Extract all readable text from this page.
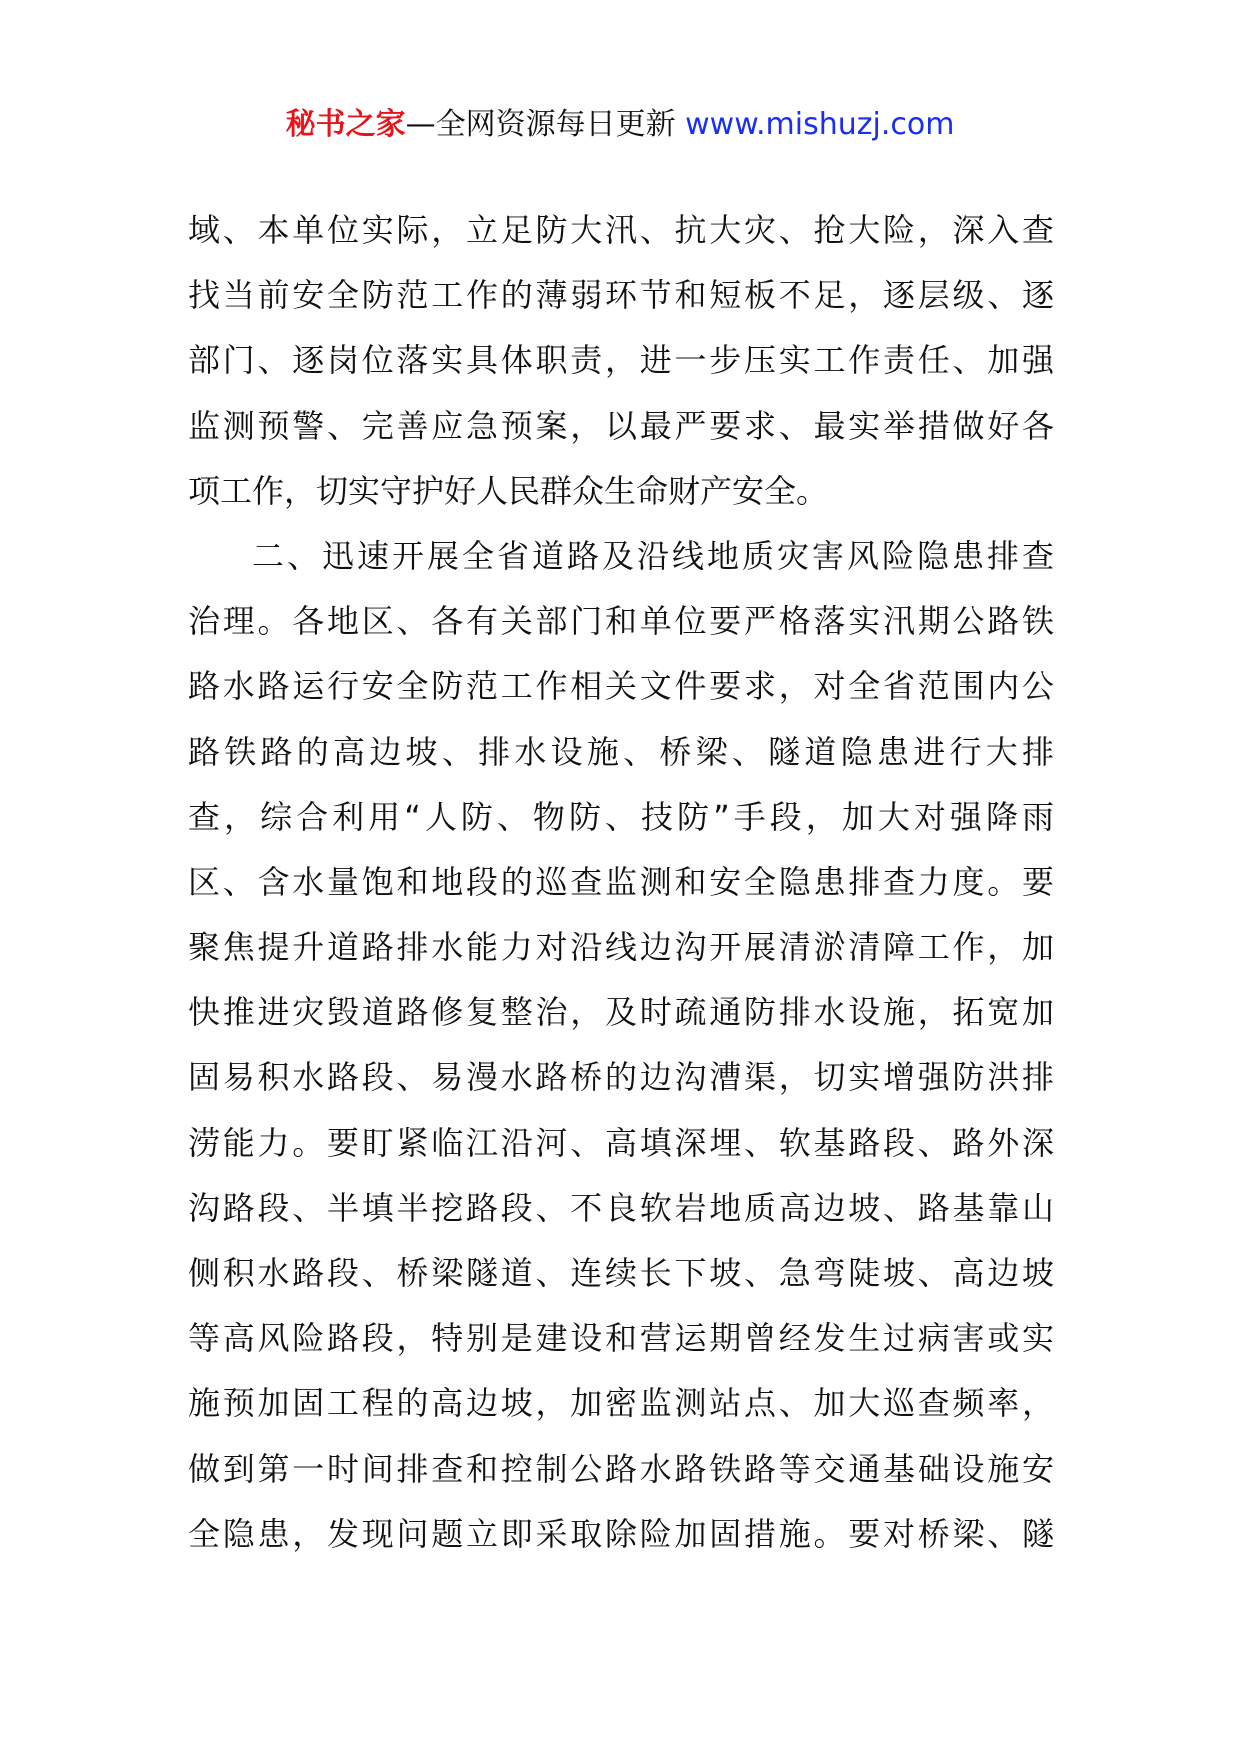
秘书之家—全网资源每日更新 www.mishuzj.com
域、本单位实际，立足防大汛、抗大灾、抢大险，深入查
找当前安全防范工作的薄弱环节和短板不足，逐层级、逐
部门、逐岗位落实具体职责，进一步压实工作责任、加强
监测预警、完善应急预案，以最严要求、最实举措做好各
项工作，切实守护好人民群众生命财产安全。
二、迅速开展全省道路及沿线地质灾害风险隐患排查
治理。各地区、各有关部门和单位要严格落实汛期公路铁
路水路运行安全防范工作相关文件要求，对全省范围内公
路铁路的高边坡、排水设施、桥梁、隧道隐患进行大排
查，综合利用“人防、物防、技防”手段，加大对强降雨
区、含水量饱和地段的巡查监测和安全隐患排查力度。要
聚焦提升道路排水能力对沿线边沟开展清淤清障工作，加
快推进灾毁道路修复整治，及时疏通防排水设施，拓宽加
固易积水路段、易漫水路桥的边沟漕渠，切实增强防洪排
涝能力。要盯紧临江沿河、高填深埋、软基路段、路外深
沟路段、半填半挖路段、不良软岩地质高边坡、路基靠山
侧积水路段、桥梁隧道、连续长下坡、急弯陡坡、高边坡
等高风险路段，特别是建设和营运期曾经发生过病害或实
施预加固工程的高边坡，加密监测站点、加大巡查频率，
做到第一时间排查和控制公路水路铁路等交通基础设施安
全隐患，发现问题立即采取除险加固措施。要对桥梁、隧
